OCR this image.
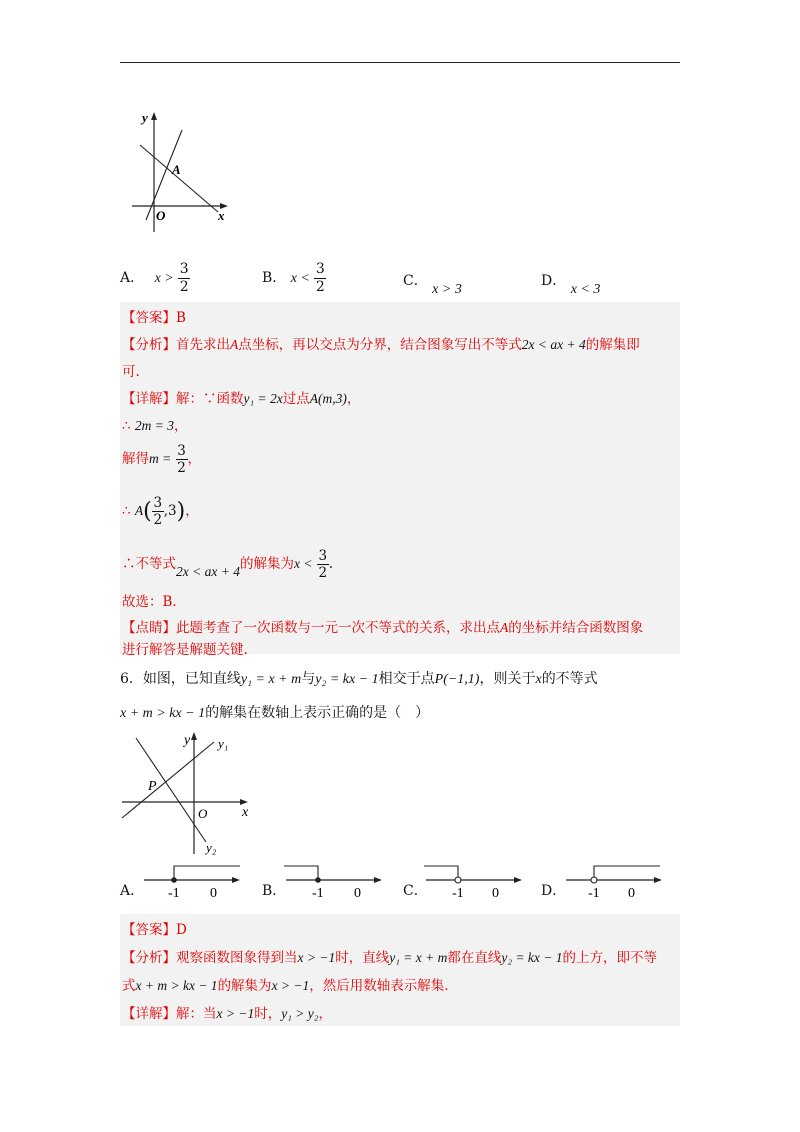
y
x
O
A
A． $x > \frac{3}{2}$	B． $x < \frac{3}{2}$	C． x > 3
D． x < 3
【答案】B
【分析】首先求出A点坐标，再以交点为分界，结合图象写出不等式2x < ax + 4的解集即
可.
【详解】解：∵函数y₁ = 2x过点A(m,3)，
∴ 2m = 3，
解得$m = \frac{3}{2}$ ，
∴ $A( \frac{3}{2} ,3)$，
∴不等式2x < ax + 4的解集为$x < \frac{3}{2}$ .
故选：B．
【点睛】此题考查了一次函数与一元一次不等式的关系，求出点A的坐标并结合函数图象
进行解答是解题关键.
6．如图，已知直线y₁ = x + m与y₂ = kx − 1相交于点P(−1,1)，则关于x的不等式
x + m > kx − 1的解集在数轴上表示正确的是（　）
y y₁
y₂
x
O
P
A． -1 0	B． -1 0	C． -1 0	D． -1 0
【答案】D
【分析】观察函数图象得到当x > −1时，直线y₁ = x + m都在直线y₂ = kx − 1的上方，即不等
式x + m > kx − 1的解集为x > −1，然后用数轴表示解集.
【详解】解：当x > −1时，y₁ > y₂，
